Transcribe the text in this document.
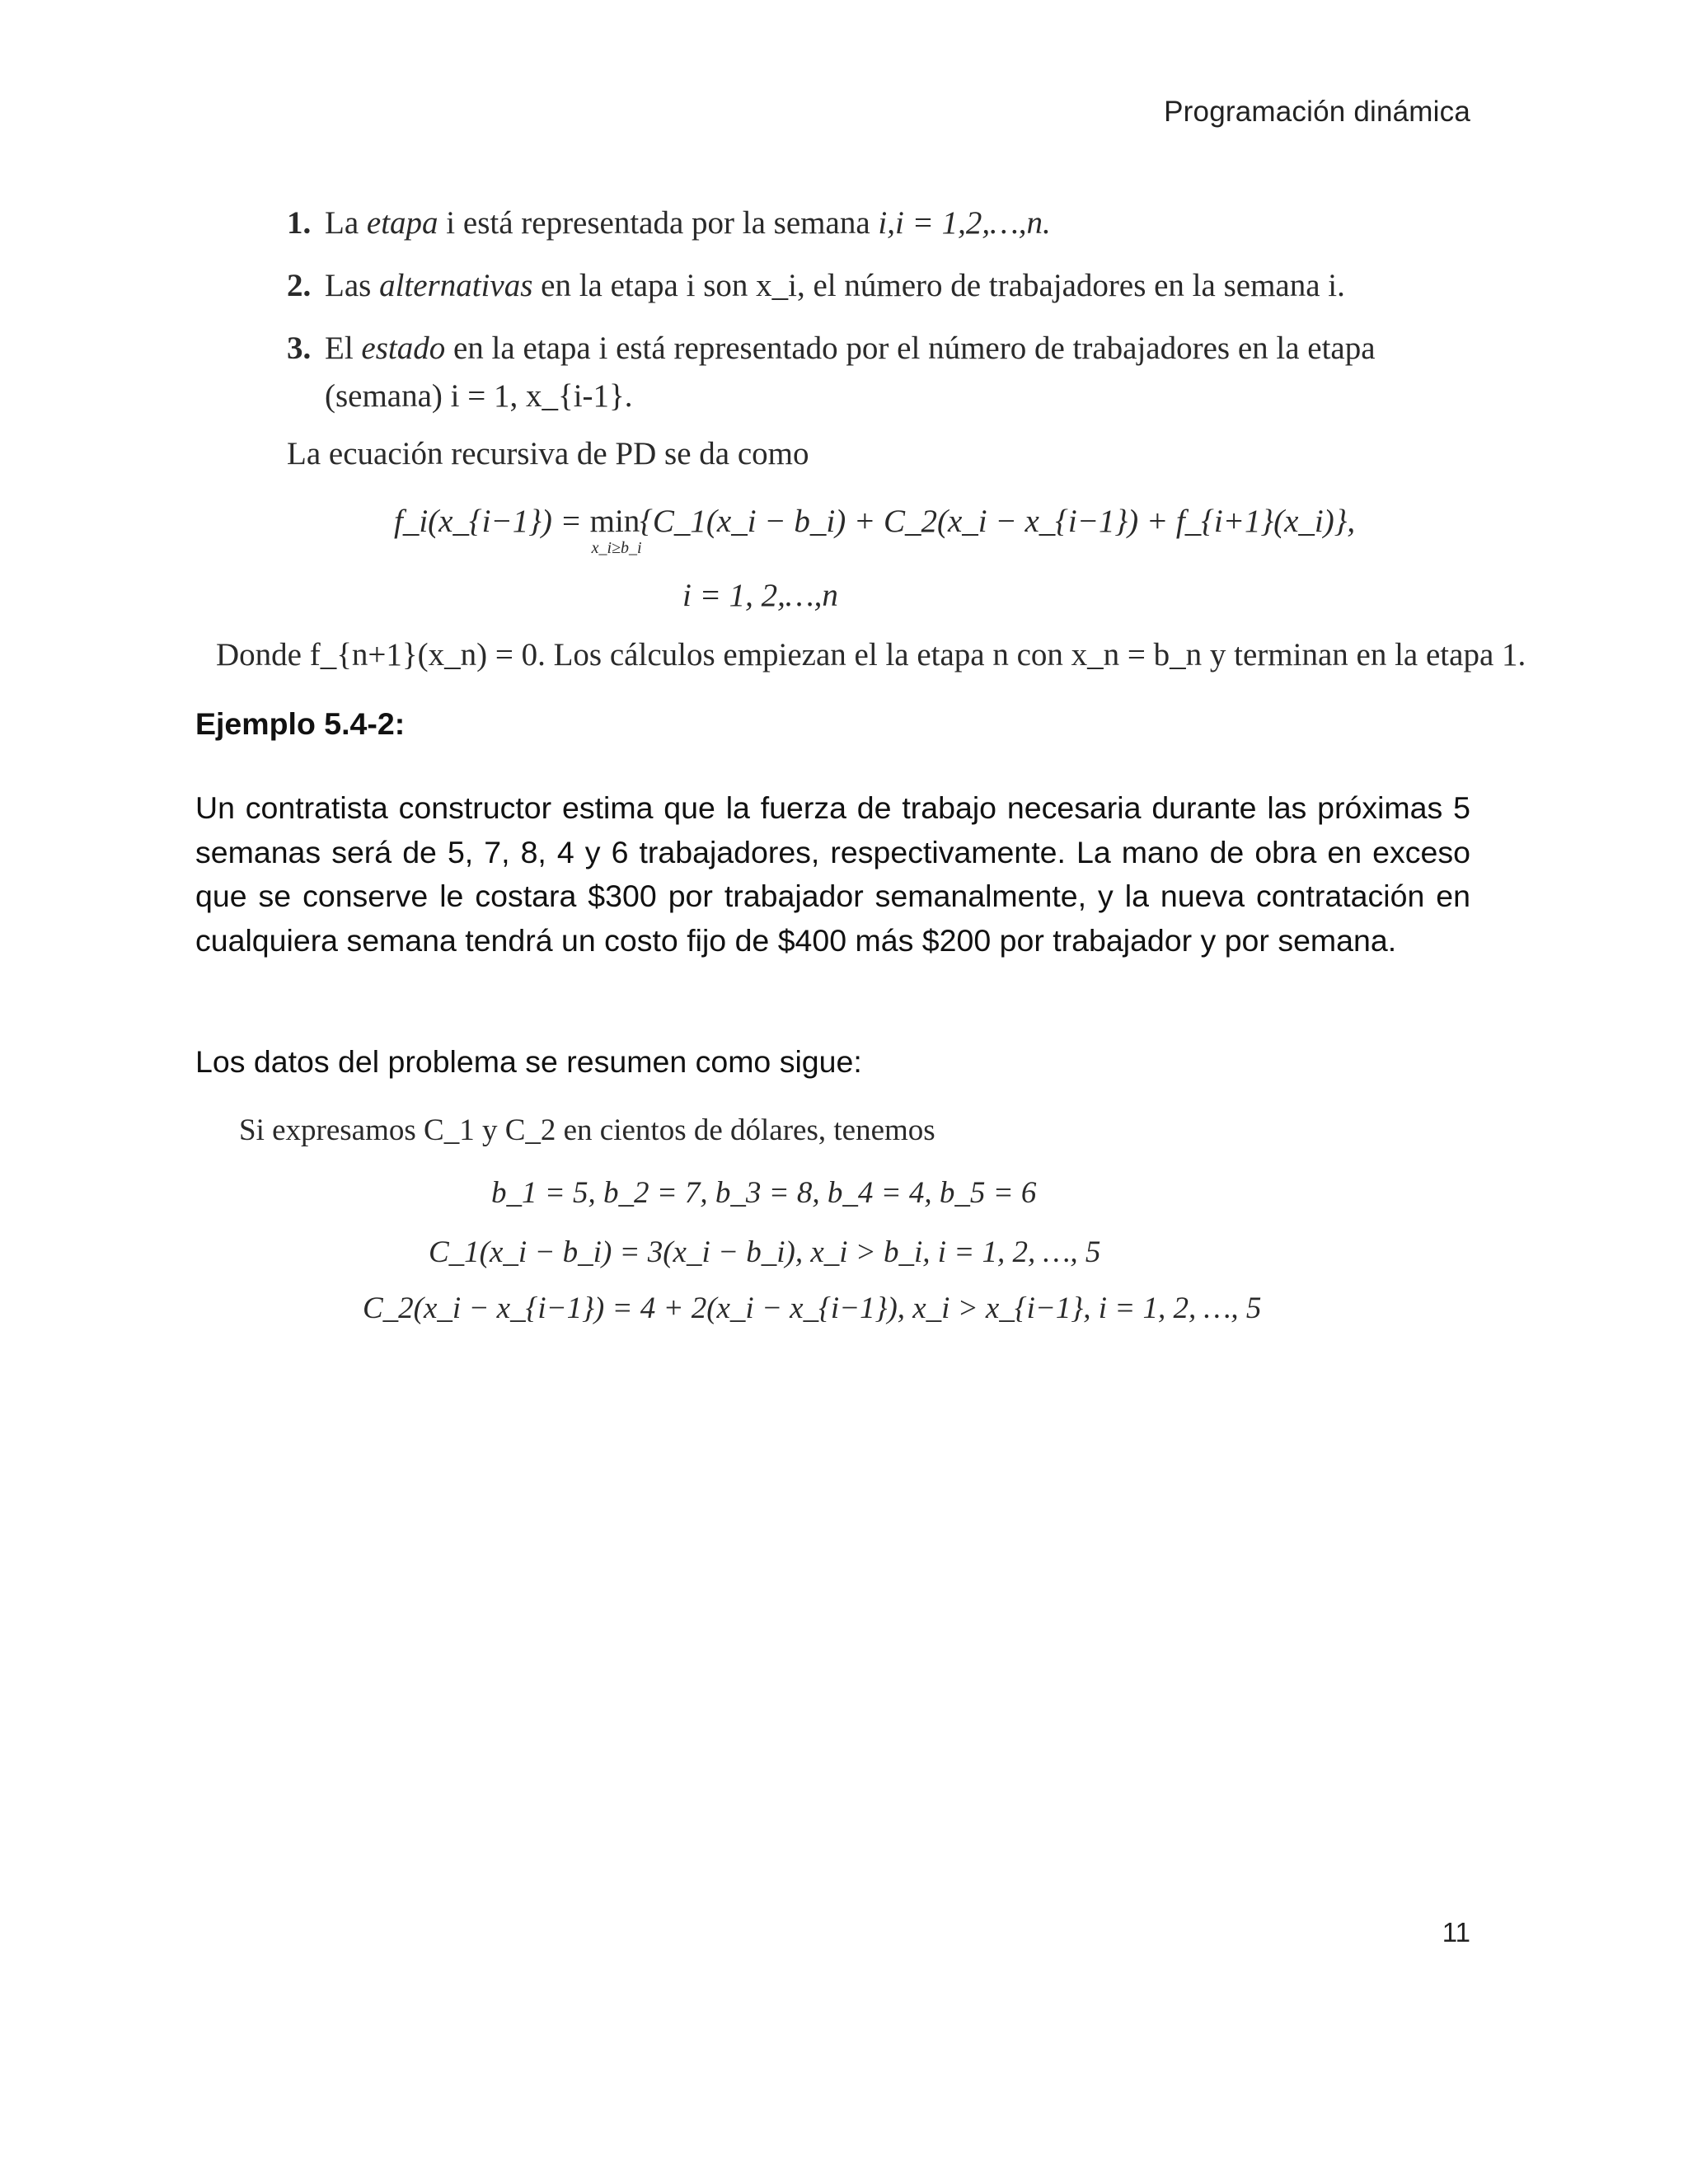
Programación dinámica
1. La etapa i está representada por la semana i,i = 1,2,…,n.
2. Las alternativas en la etapa i son x_i, el número de trabajadores en la semana i.
3. El estado en la etapa i está representado por el número de trabajadores en la etapa
(semana) i = 1, x_{i-1}.
La ecuación recursiva de PD se da como
f_i(x_{i−1}) = min
x_i≥b_i
{C_1(x_i − b_i) + C_2(x_i − x_{i−1}) + f_{i+1}(x_i)},
i = 1, 2,…,n
Donde f_{n+1}(x_n) = 0. Los cálculos empiezan el la etapa n con x_n = b_n y terminan en la etapa 1.
Ejemplo 5.4-2:
Un contratista constructor estima que la fuerza de trabajo necesaria durante las próximas 5 semanas será de 5, 7, 8, 4 y 6 trabajadores, respectivamente. La mano de obra en exceso que se conserve le costara $300 por trabajador semanalmente, y la nueva contratación en cualquiera semana tendrá un costo fijo de $400 más $200 por trabajador y por semana.
Los datos del problema se resumen como sigue:
Si expresamos C_1 y C_2 en cientos de dólares, tenemos
b_1 = 5, b_2 = 7, b_3 = 8, b_4 = 4, b_5 = 6
C_1(x_i − b_i) = 3(x_i − b_i), x_i > b_i, i = 1, 2, …, 5
C_2(x_i − x_{i−1}) = 4 + 2(x_i − x_{i−1}), x_i > x_{i−1}, i = 1, 2, …, 5
11
